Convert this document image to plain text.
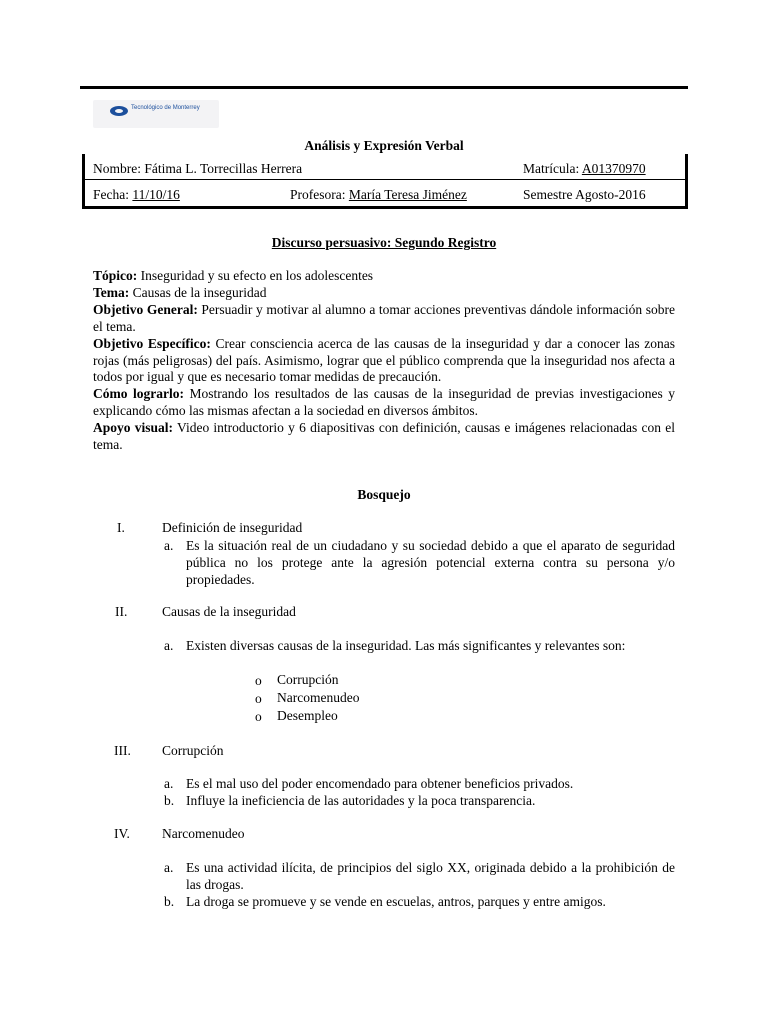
Tecnológico de Monterrey
Análisis y Expresión Verbal
Nombre: Fátima L. Torrecillas Herrera	Matrícula: A01370970
Fecha: 11/10/16	Profesora: María Teresa Jiménez	Semestre Agosto-2016
Discurso persuasivo: Segundo Registro

Tópico: Inseguridad y su efecto en los adolescentes

Tema: Causas de la inseguridad

Objetivo General: Persuadir y motivar al alumno a tomar acciones preventivas dándole información sobre el tema.

Objetivo Específico: Crear consciencia acerca de las causas de la inseguridad y dar a conocer las zonas rojas (más peligrosas) del país. Asimismo, lograr que el público comprenda que la inseguridad nos afecta a todos por igual y que es necesario tomar medidas de precaución.

Cómo lograrlo: Mostrando los resultados de las causas de la inseguridad de previas investigaciones y explicando cómo las mismas afectan a la sociedad en diversos ámbitos.

Apoyo visual: Video introductorio y 6 diapositivas con definición, causas e imágenes relacionadas con el tema.

Bosquejo
I.	Definición de inseguridad
a. Es la situación real de un ciudadano y su sociedad debido a que el aparato de seguridad pública no los protege ante la agresión potencial externa contra su persona y/o propiedades.
II.	Causas de la inseguridad
a. Existen diversas causas de la inseguridad. Las más significantes y relevantes son:
o Corrupción
o Narcomenudeo
o Desempleo
III. Corrupción
a. Es el mal uso del poder encomendado para obtener beneficios privados.
b. Influye la ineficiencia de las autoridades y la poca transparencia.
IV. Narcomenudeo
a. Es una actividad ilícita, de principios del siglo XX, originada debido a la prohibición de las drogas.
b. La droga se promueve y se vende en escuelas, antros, parques y entre amigos.
